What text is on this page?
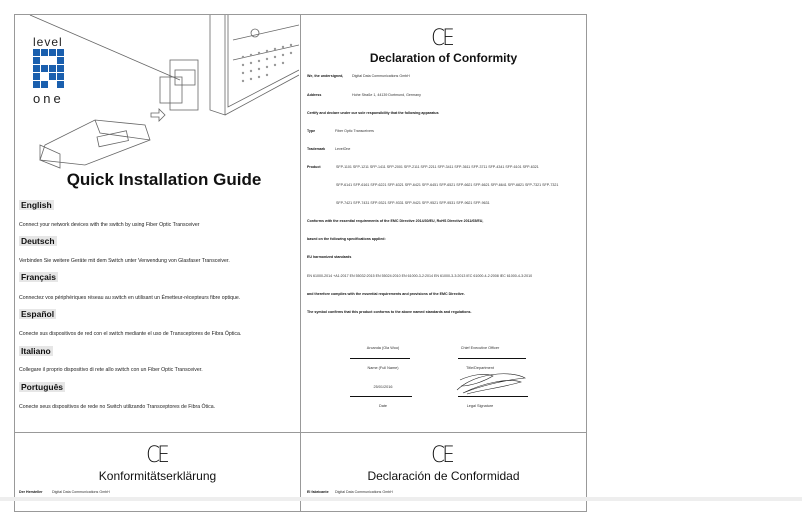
level
one
Quick Installation Guide
English
Connect your network devices with the switch by using Fiber Optic Transceiver
Deutsch
Verbinden Sie weitere Geräte mit dem Switch unter Verwendung von Glasfaser Transceiver.
Français
Connectez vos périphériques réseau au switch en utilisant un Émetteur-récepteurs fibre optique.
Español
Conecte sus dispositivos de red con el switch mediante el uso de Transceptores de Fibra Óptica.
Italiano
Collegare il proprio dispositivo di rete allo switch con un Fiber Optic Transceiver.
Português
Conecte seus dispositivos de rede no Switch utilizando Transceptores de Fibra Ótica.
CE
Declaration of Conformity
We, the undersigned, Digital Data Communications GmbH
Address	Hohe Straße 1, 44139 Dortmund, Germany
Certify and declare under our sole responsibility that the following apparatus
Type	Fiber Optic Transceivers
Trademark	LevelOne
Product	SFP-1101 SFP-1211 SFP-1411 SFP-2001 SFP-2111 SFP-2211 SFP-3411 SFP-3611 SFP-3711 SFP-4341 SFP-6101 SFP-6321
SFP-6141 SFP-6161 SFP-6221 SFP-6321 SFP-6421 SFP-6451 SFP-6521 SFP-6621 SFP-6621 SFP-6641 SFP-6821 SFP-7321 SFP-7321
SFP-7421 SFP-7431 SFP-9321 SFP-9331 SFP-9421 SFP-9521 SFP-9531 SFP-9621 SFP-9631
Conforms with the essential requirements of the EMC Directive 2014/30/EU, RoHS Directive 2011/65/EU,
based on the following specifications applied:
EU harmonized standards
EN 61000-2014 +A1:2017 EN 55032:2015 EN 55024:2010 EN 61000-3-2:2014 EN 61000-3-3:2013 IEC 61000-4-2:2008 IEC 61000-4-3:2010
and therefore complies with the essential requirements and provisions of the EMC Directive.
The symbol confirms that this product conforms to the above named standards and regulations.
Arcanda (Ola Woo)
Name (Full Name)
25/01/2016
Date
Chief Executive Officer
Title/Department
Legal Signature
CE
Konformitätserklärung
Der Hersteller	Digital Data Communications GmbH
CE
Declaración de Conformidad
El fabricante Digital Data Communications GmbH
